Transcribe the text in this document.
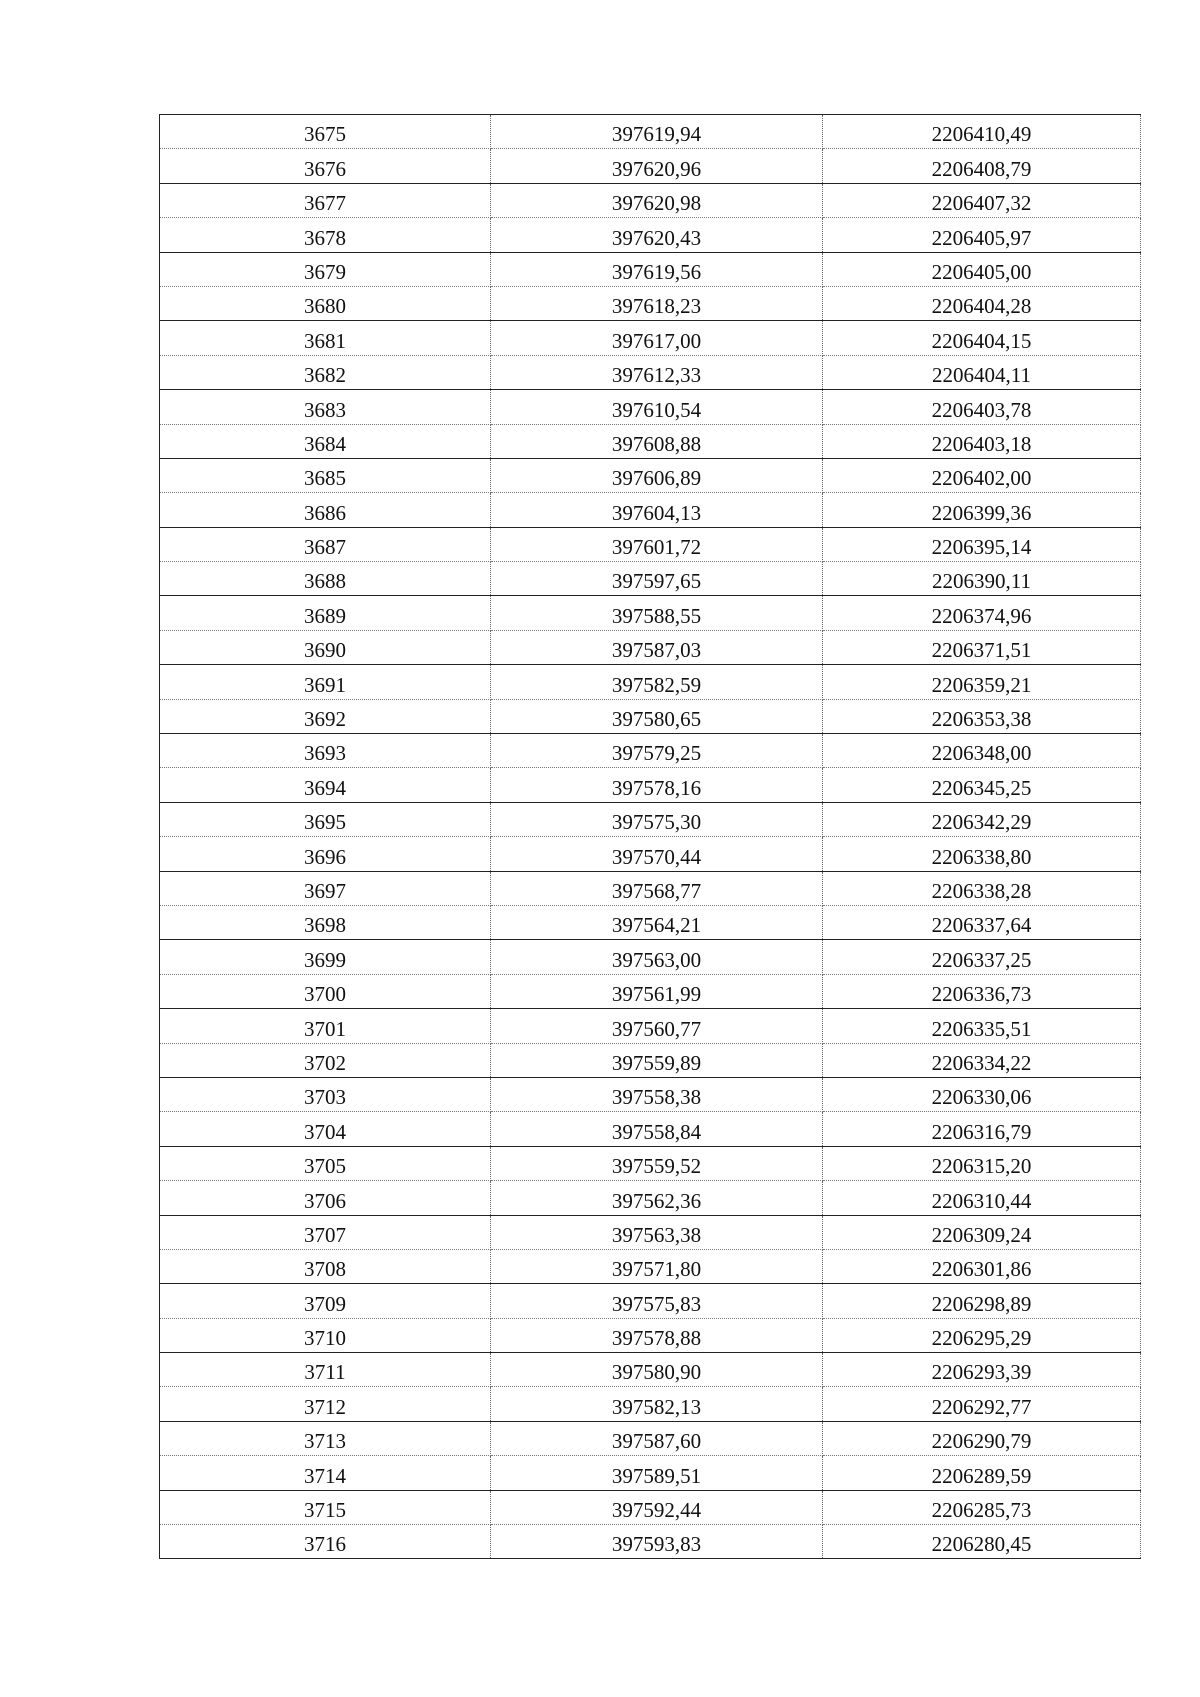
3675	397619,94	2206410,49
3676	397620,96	2206408,79
3677	397620,98	2206407,32
3678	397620,43	2206405,97
3679	397619,56	2206405,00
3680	397618,23	2206404,28
3681	397617,00	2206404,15
3682	397612,33	2206404,11
3683	397610,54	2206403,78
3684	397608,88	2206403,18
3685	397606,89	2206402,00
3686	397604,13	2206399,36
3687	397601,72	2206395,14
3688	397597,65	2206390,11
3689	397588,55	2206374,96
3690	397587,03	2206371,51
3691	397582,59	2206359,21
3692	397580,65	2206353,38
3693	397579,25	2206348,00
3694	397578,16	2206345,25
3695	397575,30	2206342,29
3696	397570,44	2206338,80
3697	397568,77	2206338,28
3698	397564,21	2206337,64
3699	397563,00	2206337,25
3700	397561,99	2206336,73
3701	397560,77	2206335,51
3702	397559,89	2206334,22
3703	397558,38	2206330,06
3704	397558,84	2206316,79
3705	397559,52	2206315,20
3706	397562,36	2206310,44
3707	397563,38	2206309,24
3708	397571,80	2206301,86
3709	397575,83	2206298,89
3710	397578,88	2206295,29
3711	397580,90	2206293,39
3712	397582,13	2206292,77
3713	397587,60	2206290,79
3714	397589,51	2206289,59
3715	397592,44	2206285,73
3716	397593,83	2206280,45
